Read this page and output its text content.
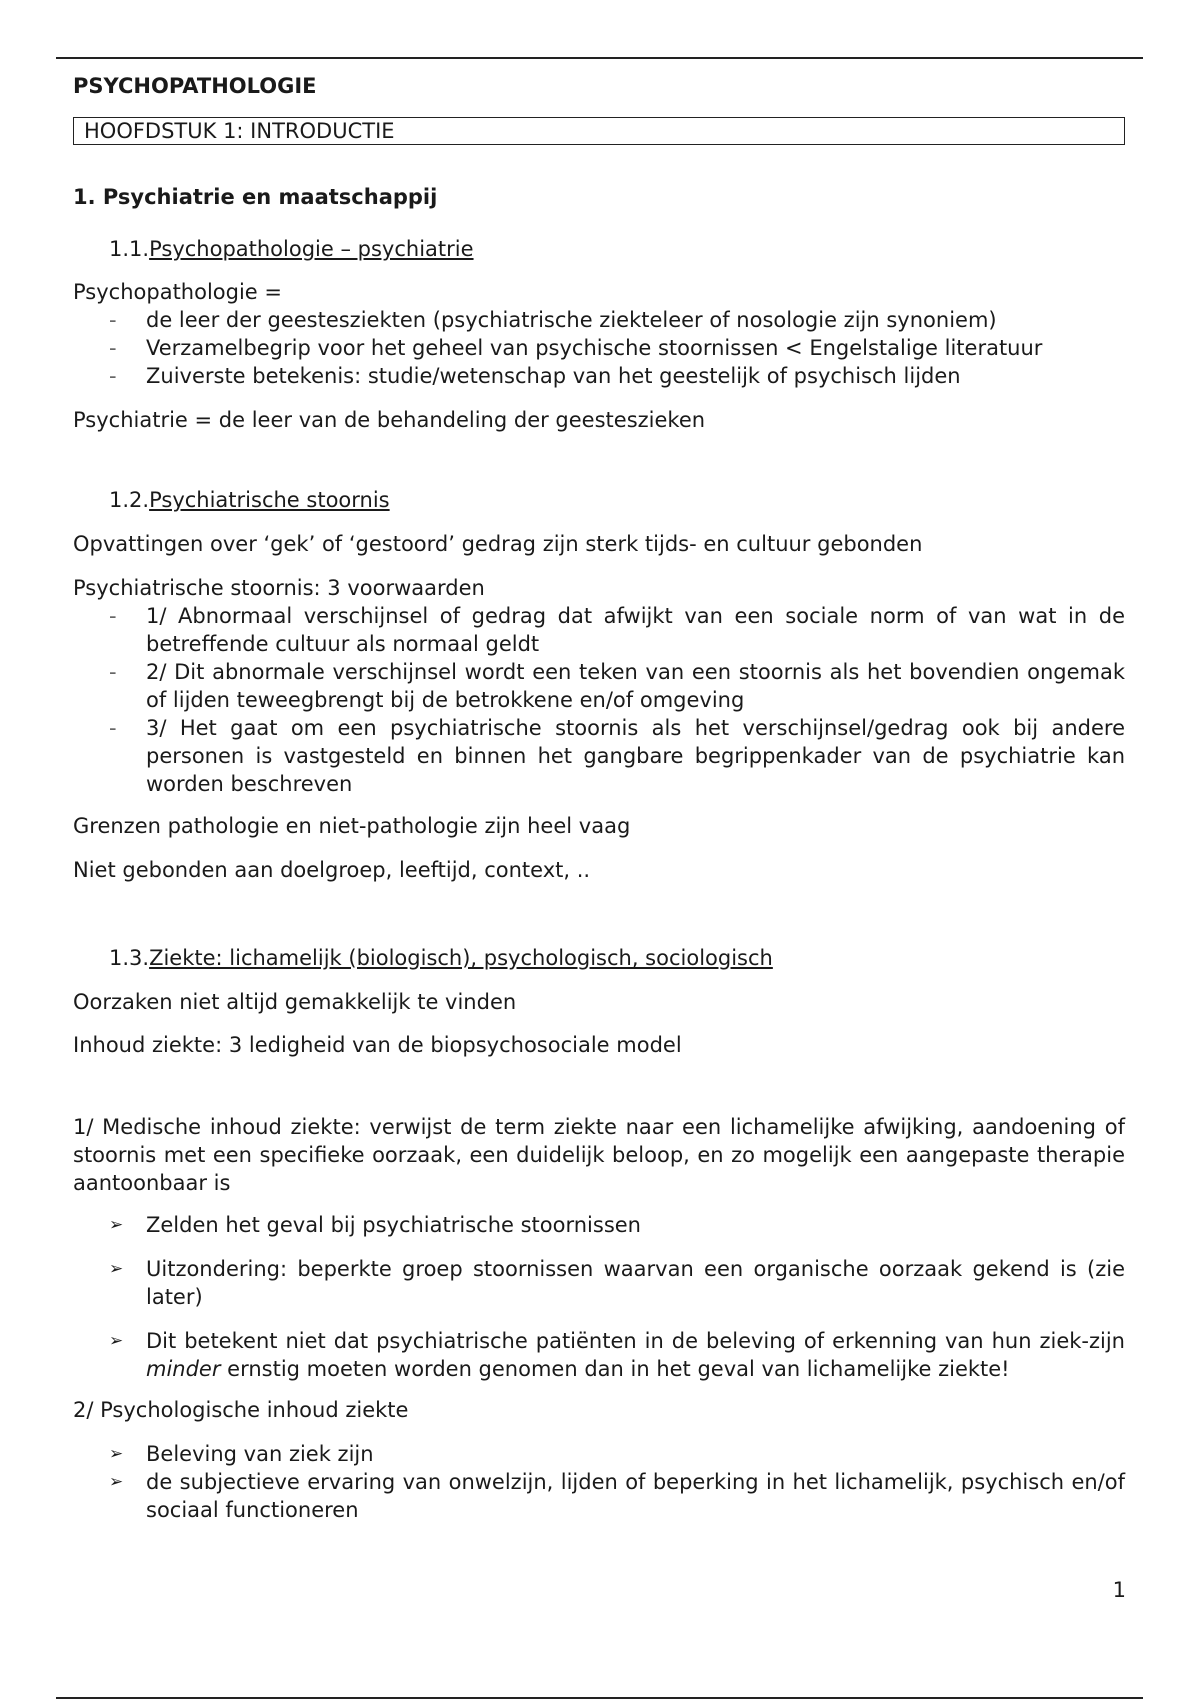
PSYCHOPATHOLOGIE

HOOFDSTUK 1: INTRODUCTIE
1. Psychiatrie en maatschappij
1.1.Psychopathologie – psychiatrie

Psychopathologie =

- de leer der geestesziekten (psychiatrische ziekteleer of nosologie zijn synoniem)
- Verzamelbegrip voor het geheel van psychische stoornissen < Engelstalige literatuur
- Zuiverste betekenis: studie/wetenschap van het geestelijk of psychisch lijden

Psychiatrie = de leer van de behandeling der geesteszieken

1.2.Psychiatrische stoornis

Opvattingen over ‘gek’ of ‘gestoord’ gedrag zijn sterk tijds- en cultuur gebonden

Psychiatrische stoornis: 3 voorwaarden

- 1/ Abnormaal verschijnsel of gedrag dat afwijkt van een sociale norm of van wat in de betreffende cultuur als normaal geldt
- 2/ Dit abnormale verschijnsel wordt een teken van een stoornis als het bovendien ongemak of lijden teweegbrengt bij de betrokkene en/of omgeving
- 3/ Het gaat om een psychiatrische stoornis als het verschijnsel/gedrag ook bij andere personen is vastgesteld en binnen het gangbare begrippenkader van de psychiatrie kan worden beschreven

Grenzen pathologie en niet-pathologie zijn heel vaag

Niet gebonden aan doelgroep, leeftijd, context, ..

1.3.Ziekte: lichamelijk (biologisch), psychologisch, sociologisch

Oorzaken niet altijd gemakkelijk te vinden

Inhoud ziekte: 3 ledigheid van de biopsychosociale model

1/ Medische inhoud ziekte: verwijst de term ziekte naar een lichamelijke afwijking, aandoening of stoornis met een specifieke oorzaak, een duidelijk beloop, en zo mogelijk een aangepaste therapie aantoonbaar is

➢ Zelden het geval bij psychiatrische stoornissen
➢ Uitzondering: beperkte groep stoornissen waarvan een organische oorzaak gekend is (zie later)
➢ Dit betekent niet dat psychiatrische patiënten in de beleving of erkenning van hun ziek-zijn minder ernstig moeten worden genomen dan in het geval van lichamelijke ziekte!

2/ Psychologische inhoud ziekte

➢ Beleving van ziek zijn
➢ de subjectieve ervaring van onwelzijn, lijden of beperking in het lichamelijk, psychisch en/of sociaal functioneren
1
